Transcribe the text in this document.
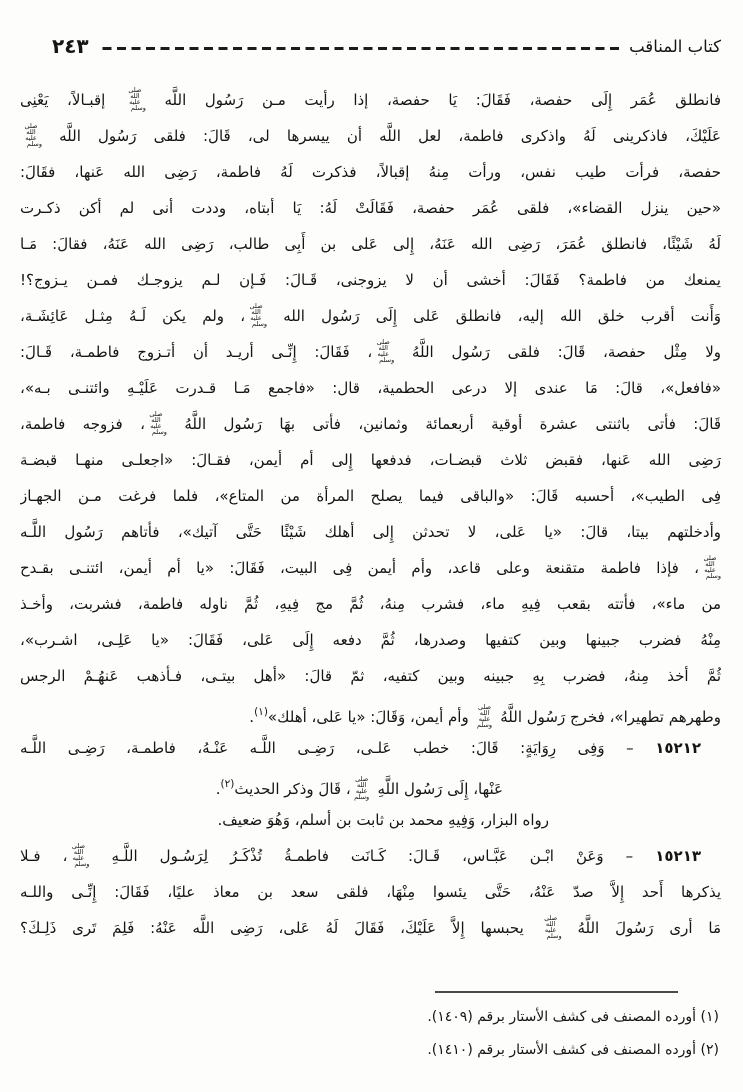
كتاب المناقب
٢٤٣
فانطلق عُمَر إِلَى حفصة، فَقَالَ: يَا حفصة، إذا رأيت مـن رَسُول اللَّه صلى الله عليه وسلم إقبـالاً، يَعْنِى
عَلَيْكَ، فاذكرينى لَهُ واذكرى فاطمة، لعل اللَّه أن ييسرها لى، قَالَ: فلقى رَسُول اللَّه صلى الله عليه وسلم
حفصة، فرأت طيب نفس، ورأت مِنهُ إقبالاً، فذكرت لَهُ فاطمة، رَضِى الله عَنها، فقَالَ:
«حين ينزل القضاء»، فلقى عُمَر حفصة، فَقَالَتْ لَهُ: يَا أبتاه، وددت أنى لم أكن ذكـرت
لَهُ شَيْئًا، فانطلق عُمَرَ، رَضِى الله عَنَهُ، إِلى عَلى بن أَبِى طالب، رَضِى الله عَنَهُ، فقالَ: مَـا
يمنعك من فاطمة؟ فَقَالَ: أخشى أن لا يزوجنى، قَـالَ: فَـإن لـم يزوجـك فمـن يـزوج؟!
وَأَنت أقرب خلق الله إليه، فانطلق عَلى إِلَى رَسُول الله صلى الله عليه وسلم، ولم يكن لَـهُ مِثـل عَائِشَـة،
ولا مِثْل حفصة، قَالَ: فلقى رَسُول اللَّهُ صلى الله عليه وسلم، فَقَالَ: إِنِّـى أريـد أن أتـزوج فاطمـة، قَـالَ:
«فافعل»، قالَ: مَا عندى إلا درعى الحطمية، قال: «فاجمع مَـا قـدرت عَلَيْـهِ وائتنـى بـه»،
قَالَ: فأتى باثنتى عشرة أوقية أربعمائة وثمانين، فأتى بهَا رَسُول اللَّهُ صلى الله عليه وسلم، فزوجه فاطمة،
رَضِى الله عَنها، فقبض ثلاث قبضـات، فدفعها إِلى أم أيمن، فقـالَ: «اجعلـى منهـا قبضـة
فِى الطيب»، أحسبه قَالَ: «والباقى فيما يصلح المرأة من المتاع»، فلما فرغت مـن الجهـاز
وأدخلتهم بيتا، قالَ: «يا عَلى، لا تحدثن إِلى أهلك شَيْئًا حَتَّى آتيك»، فأتاهم رَسُول اللَّـه
صلى الله عليه وسلم، فإذا فاطمة متقنعة وعلى قاعد، وأم أيمن فِى البيت، فَقَالَ: «يا أم أيمن، ائتنـى بقـدح
من ماء»، فأتته بقعب فِيهِ ماء، فشرب مِنهُ، ثُمَّ مج فِيهِ، ثُمَّ ناوله فاطمة، فشربت، وأخـذ
مِنْهُ فضرب جبينها وبين كتفيها وصدرها، ثُمَّ دفعه إِلَى عَلى، فَقَالَ: «يا عَلِـى، اشـرب»،
ثُمَّ أخذ مِنهُ، فضرب بِهِ جبينه وبين كتفيه، ثمّ قالَ: «أهل بيتـى، فـأذهب عَنهُـمْ الرجس
وطهرهم تطهيرا»، فخرج رَسُول اللَّهُ صلى الله عليه وسلم وأم أيمن، وَقَالَ: «يا عَلى، أهلك»$^{(١)}$.
١٥٢١٢ – وَفِى رِوَايَةٍ: قَالَ: خطب عَلـى، رَضِـى اللَّـه عَنْـهُ، فاطمـة، رَضِـى اللَّـه
عَنْها، إِلَى رَسُول اللَّهِ صلى الله عليه وسلم، قَالَ وذكر الحديث$^{(٢)}$.
رواه البزار، وَفِيهِ محمد بن ثابت بن أسلم، وَهُوَ ضعيف.
١٥٢١٣ – وَعَنْ ابْـن عَبَّـاس، قَـالَ: كَـانَت فاطمـةُ تُذْكَـرُ لِرَسُـول اللَّـهِ صلى الله عليه وسلم، فـلا
يذكرها أَحد إِلاَّ صدّ عَنْهُ، حَتَّى يئسوا مِنْهَا، فلقى سعد بن معاذ عليًا، فَقَالَ: إِنِّـى واللـه
مَا أرى رَسُولَ اللَّهُ صلى الله عليه وسلم يحبسها إِلاَّ عَلَيْكَ، فَقَالَ لَهُ عَلى، رَضِى اللَّه عَنْهُ: فَلِمَ تَرى ذَلِـكَ؟
(١) أورده المصنف فى كشف الأستار برقم (١٤٠٩).
(٢) أورده المصنف فى كشف الأستار برقم (١٤١٠).
